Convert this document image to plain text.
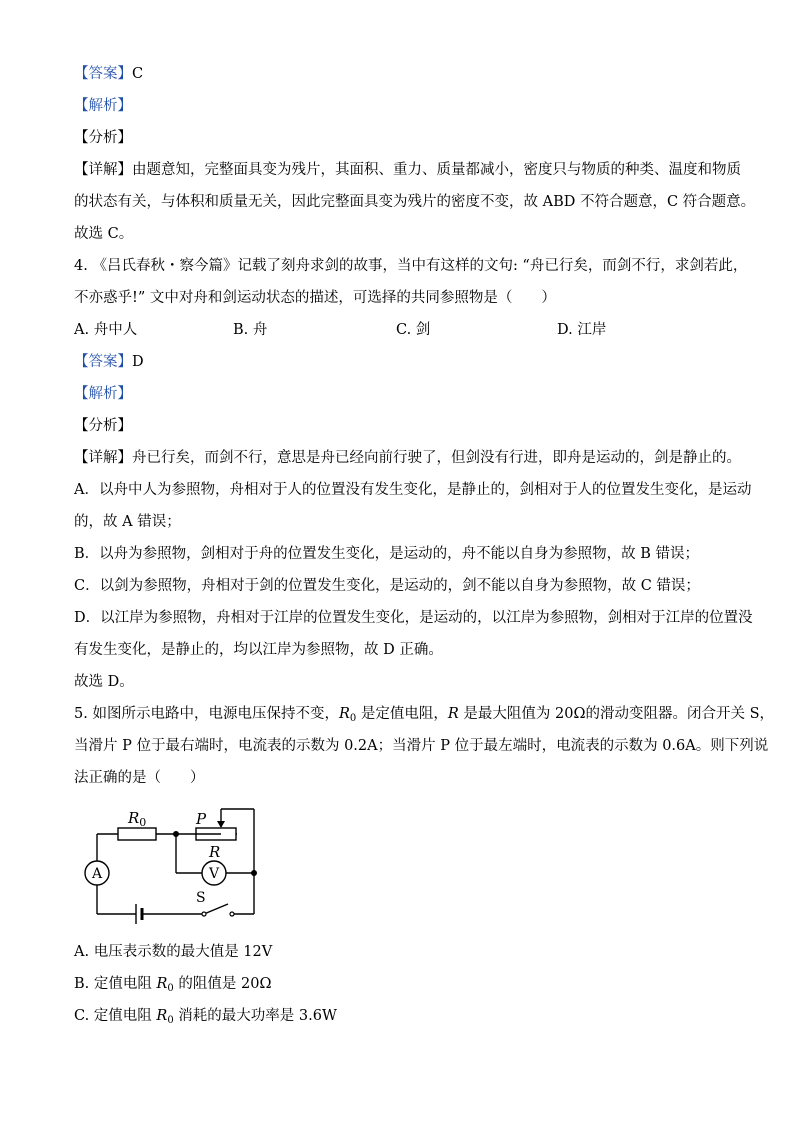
【答案】C
【解析】
【分析】
【详解】由题意知，完整面具变为残片，其面积、重力、质量都减小，密度只与物质的种类、温度和物质
的状态有关，与体积和质量无关，因此完整面具变为残片的密度不变，故 ABD 不符合题意，C 符合题意。
故选 C。
4. 《吕氏春秋・察今篇》记载了刻舟求剑的故事，当中有这样的文句: “舟已行矣，而剑不行，求剑若此，
不亦惑乎!” 文中对舟和剑运动状态的描述，可选择的共同参照物是（　　）
A. 舟中人	B. 舟	C. 剑	D. 江岸
【答案】D
【解析】
【分析】
【详解】舟已行矣，而剑不行，意思是舟已经向前行驶了，但剑没有行进，即舟是运动的，剑是静止的。
A．以舟中人为参照物，舟相对于人的位置没有发生变化，是静止的，剑相对于人的位置发生变化，是运动
的，故 A 错误；
B．以舟为参照物，剑相对于舟的位置发生变化，是运动的，舟不能以自身为参照物，故 B 错误；
C．以剑为参照物，舟相对于剑的位置发生变化，是运动的，剑不能以自身为参照物，故 C 错误；
D．以江岸为参照物，舟相对于江岸的位置发生变化，是运动的，以江岸为参照物，剑相对于江岸的位置没
有发生变化，是静止的，均以江岸为参照物，故 D 正确。
故选 D。
5. 如图所示电路中，电源电压保持不变，$R_0$ 是定值电阻，R 是最大阻值为 20Ω的滑动变阻器。闭合开关 S，
当滑片 P 位于最右端时，电流表的示数为 0.2A；当滑片 P 位于最左端时，电流表的示数为 0.6A。则下列说
法正确的是（　　）
$R_0$	P
R
V
A
S
A. 电压表示数的最大值是 12V
B. 定值电阻 $R_0$ 的阻值是 20Ω
C. 定值电阻 $R_0$ 消耗的最大功率是 3.6W
